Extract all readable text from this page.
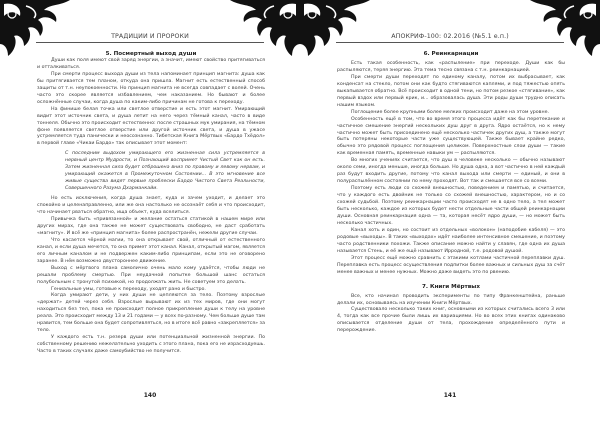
ТРАДИЦИИ И ПРОРОКИ
5. Посмертный выход души

Души как поля имеют свой заряд энергии, а значит, имеют свойство притягиваться и отталкиваться.

При смерти процесс выхода души из тела напоминает принцип магнита: душа как бы притягивается тем планом, откуда она пришла. Магнит есть естественный способ защиты от т.н. неупокоенности. Но принцип магнита не всегда совпадает с волей. Очень часто это скорее является избавлением, чем наказанием. Но бывают и более осложнённые случаи, когда душа по каким-либо причинам не готова к переходу.

На финише белая точка или светлое отверстие и есть этот магнит. Умирающий видит этот источник света, и душа летит на него через тёмный канал, часто в виде тоннеля. Обычно это происходит естественно: после страшных мук умирания, на тёмном фоне появляется светлое отверстие или другой источник света, и душа в ужасе устремляется туда панически и неосознанно. Тибетская Книга Мёртвых «Бардо Тхёдол» в первой главе «Чикаи Бардо» так описывает этот момент:

С последним выдохом умирающего его жизненная сила устремляется в нервный центр Мудрости, и Познающий воспримет Чистый Свет как он есть. Затем жизненная сила будет отброшена вниз по правому и левому нервам, и умирающий окажется в Промежуточном Состоянии... В это мгновение все живые существа видят первые проблески Бардо Чистого Света Реальности, Совершенного Разума Дхарманкайи.

Но есть исключения, когда душа знает, куда и зачем уходит, и делает это спокойно и целенаправленно, или же она настолько не осознаёт себя и что происходит, что начинает рваться обратно, ища объект, куда вселиться.

Привычка быть «привязанной» и желание остаться статикой в нашем мире или других мирах, где она также не может существовать свободно, не даст сработать «магниту». И всё же «принцип магнита» более распространён, нежели другие случаи.

Что касается чёрной магии, то она открывает свой, отличный от естественного канал, и если душа мечется, то она примет этот канал. Канал, открытый магом, является его личным каналом и не подвержен каким-либо принципам, если это не оговорено заранее. В нём возможно двустороннее движение.

Выход с мёртвого плана самолично очень мало кому удаётся, чтобы люди не решали проблему смертью. При неудачной попытке большой шанс остаться полубольным с тронутой психикой, но продолжать жить. Не советуем это делать.

Гениальные умы, готовые к переходу, уходят рано и быстро.

Когда умирают дети, у них души не цепляются за тело. Поэтому взрослые «держат» детей через себя. Взрослые вырывают их из тех миров, где они могут находиться без тел, пока не происходит полное прикрепление души к телу на уровне реала. Это происходит между 13 и 21 годами — у всех по-разному. Чем больше душе там нравится, тем больше она будет сопротивляться, но в итоге всё равно «закрепляется» за тело.

У каждого есть т.н. резерв души или потенциальной жизненной энергии. По собственному решению нежелательно уходить с этого плана, пока его не израсходуешь. Часто в таких случаях даже самоубийство не получится.

140
АПОКРИФ-100: 02.2016 (№5.1 е.п.)
6. Реинкарнации

Есть такая особенность, как «распыление» при переходе. Души как бы распыляются, теряя энергию. Эта тема тесно связана с т.н. реинкарнацией.

При смерти души переходят по единому каналу, потом их выбрасывает, как конденсат на стекло, потом они как будто стягиваются каплями, и под тяжестью опять выкапывается обратно. Всё происходит в одной тени, но потом резкое «стягивание», как первый вздох или первый крик, и... образовалась душа. Эти роды души трудно описать нашим языком.

Поглощение более крупными более мелких происходит даже на этом уровне.

Особенность ещё в том, что во время этого процесса идёт как бы перетекание и частичное смешение энергий нескольких душ друг в друга. Ядро остаётся, но к нему частично может быть присоединено ещё несколько частичек других душ, а также могут быть потеряны некоторые части уже существующей. Также бывает крайне редко, обычно это рядовой процесс поглощения целиком. Поверхностные слои души — такие как временная память, временные навыки ум — распыляются.

Во многих учениях считается, что душ в человеке несколько — обычно называют около семи, иногда меньше, иногда больше. Но душа одна, а вот частично в ней каждый раз будут входить другие, потому что канал выхода или смерти — единый, и они в полураспылённом состоянии по нему проходят. Вот так и смешается все со всеми.

Поэтому есть люди со схожей внешностью, поведением и памятью, и считается, что у каждого есть двойник не только со схожей внешностью, характером, но и со схожей судьбой. Поэтому реинкарнации часто происходят не в одно тело, а тел может быть несколько, каждое из которых будет нести отдельные части общей реинкарнации души. Основная реинкарнация одна — та, которая несёт ядро души, — но может быть несколько частичных.

Канал хоть и один, но состоит из отдельных «волокон» (наподобие кабеля) — это родовые «выходы». В таких «выходах» идёт наиболее интенсивное смешение, и поэтому часто родственники похожи. Также описание можно найти у славян, где одна их душа называется Стень, и её же ещё называют Ирродной, т.е. родовой душой.

Этот процесс ещё можно сравнить с этакими котлами частичной переплавки душ. Переплавка есть процесс осуществления подпитки более важных и сильных душ за счёт менее важных и менее нужных. Можно даже видеть это по рвению.

7. Книги Мёртвых

Все, кто начинал проводить эксперименты по типу Франкенштейна, раньше делали их, основываясь на изучении Книги Мёртвых.

Существовало несколько таких книг, основными из которых считались всего 3 или 4, тогда как все прочие были лишь их вариациями. Но во всех этих книгах одинаково описывается отделение души от тела, прохождение определённого пути и перерождение.

141
